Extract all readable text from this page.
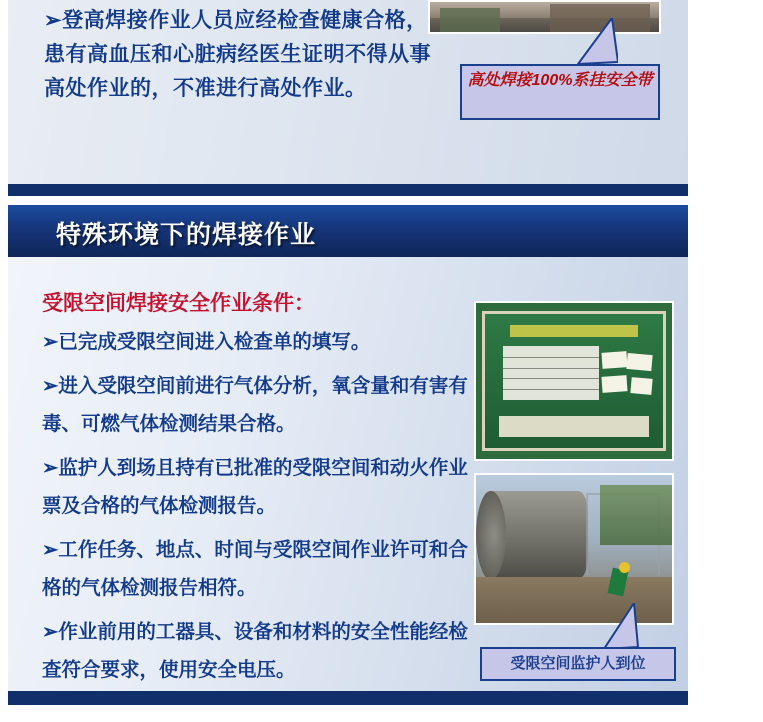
➢登高焊接作业人员应经检查健康合格，患有高血压和心脏病经医生证明不得从事高处作业的，不准进行高处作业。	高处焊接100%系挂安全带
特殊环境下的焊接作业
受限空间焊接安全作业条件：

➢已完成受限空间进入检查单的填写。

➢进入受限空间前进行气体分析，氧含量和有害有毒、可燃气体检测结果合格。

➢监护人到场且持有已批准的受限空间和动火作业票及合格的气体检测报告。

➢工作任务、地点、时间与受限空间作业许可和合格的气体检测报告相符。

➢作业前用的工器具、设备和材料的安全性能经检查符合要求，使用安全电压。	受限空间监护人到位
